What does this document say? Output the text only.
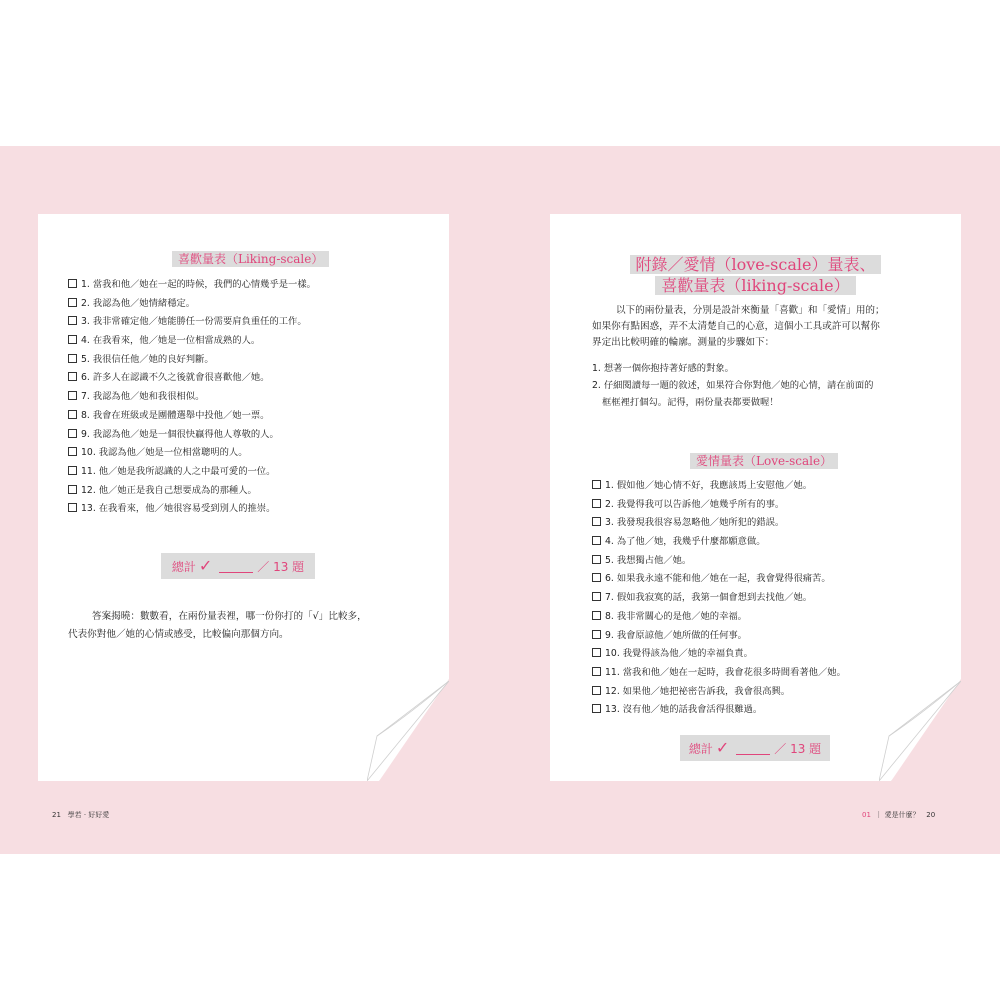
喜歡量表（Liking-scale）
1. 當我和他／她在一起的時候，我們的心情幾乎是一樣。
2. 我認為他／她情緒穩定。
3. 我非常確定他／她能勝任一份需要肩負重任的工作。
4. 在我看來，他／她是一位相當成熟的人。
5. 我很信任他／她的良好判斷。
6. 許多人在認識不久之後就會很喜歡他／她。
7. 我認為他／她和我很相似。
8. 我會在班級或是團體選舉中投他／她一票。
9. 我認為他／她是一個很快贏得他人尊敬的人。
10. 我認為他／她是一位相當聰明的人。
11. 他／她是我所認識的人之中最可愛的一位。
12. 他／她正是我自己想要成為的那種人。
13. 在我看來，他／她很容易受到別人的推崇。
總計 ✓	／ 13 題

答案揭曉：數數看，在兩份量表裡，哪一份你打的「√」比較多，

代表你對他／她的心情或感受，比較偏向那個方向。

21 學若 · 好好愛
附錄／愛情（love-scale）量表、
喜歡量表（liking-scale）

以下的兩份量表，分別是設計來衡量「喜歡」和「愛情」用的；

如果你有點困惑，弄不太清楚自己的心意，這個小工具或許可以幫你

界定出比較明確的輪廓。測量的步驟如下：

1. 想著一個你抱持著好感的對象。
2. 仔細閱讀每一題的敘述，如果符合你對他／她的心情，請在前面的
框框裡打個勾。記得，兩份量表都要做喔！
愛情量表（Love-scale）
1. 假如他／她心情不好，我應該馬上安慰他／她。
2. 我覺得我可以告訴他／她幾乎所有的事。
3. 我發現我很容易忽略他／她所犯的錯誤。
4. 為了他／她，我幾乎什麼都願意做。
5. 我想獨占他／她。
6. 如果我永遠不能和他／她在一起，我會覺得很痛苦。
7. 假如我寂寞的話，我第一個會想到去找他／她。
8. 我非常關心的是他／她的幸福。
9. 我會原諒他／她所做的任何事。
10. 我覺得該為他／她的幸福負責。
11. 當我和他／她在一起時，我會花很多時間看著他／她。
12. 如果他／她把祕密告訴我，我會很高興。
13. 沒有他／她的話我會活得很難過。
總計 ✓	／ 13 題
01 ｜ 愛是什麼？ 20
